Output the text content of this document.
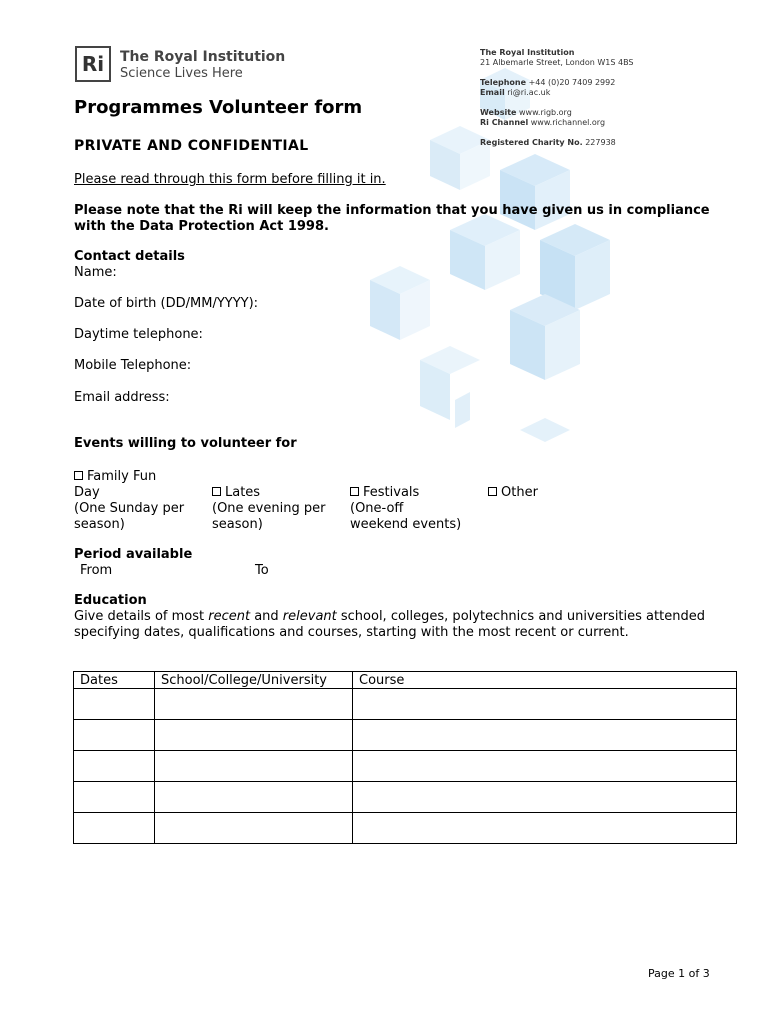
Ri	The Royal Institution
Science Lives Here
The Royal Institution
21 Albemarle Street, London W1S 4BS
Telephone +44 (0)20 7409 2992
Email ri@ri.ac.uk
Website www.rigb.org
Ri Channel www.richannel.org
Registered Charity No. 227938
Programmes Volunteer form
PRIVATE AND CONFIDENTIAL
Please read through this form before filling it in.
Please note that the Ri will keep the information that you have given us in compliance with the Data Protection Act 1998.
Contact details
Name:
Date of birth (DD/MM/YYYY):
Daytime telephone:
Mobile Telephone:
Email address:
Events willing to volunteer for
Family Fun
Day
(One Sunday per
season)
Lates
(One evening per
season)
Festivals
(One-off
weekend events)
Other
Period available
From	To
Education
Give details of most recent and relevant school, colleges, polytechnics and universities attended specifying dates, qualifications and courses, starting with the most recent or current.
Dates	School/College/University	Course

Page 1 of 3
